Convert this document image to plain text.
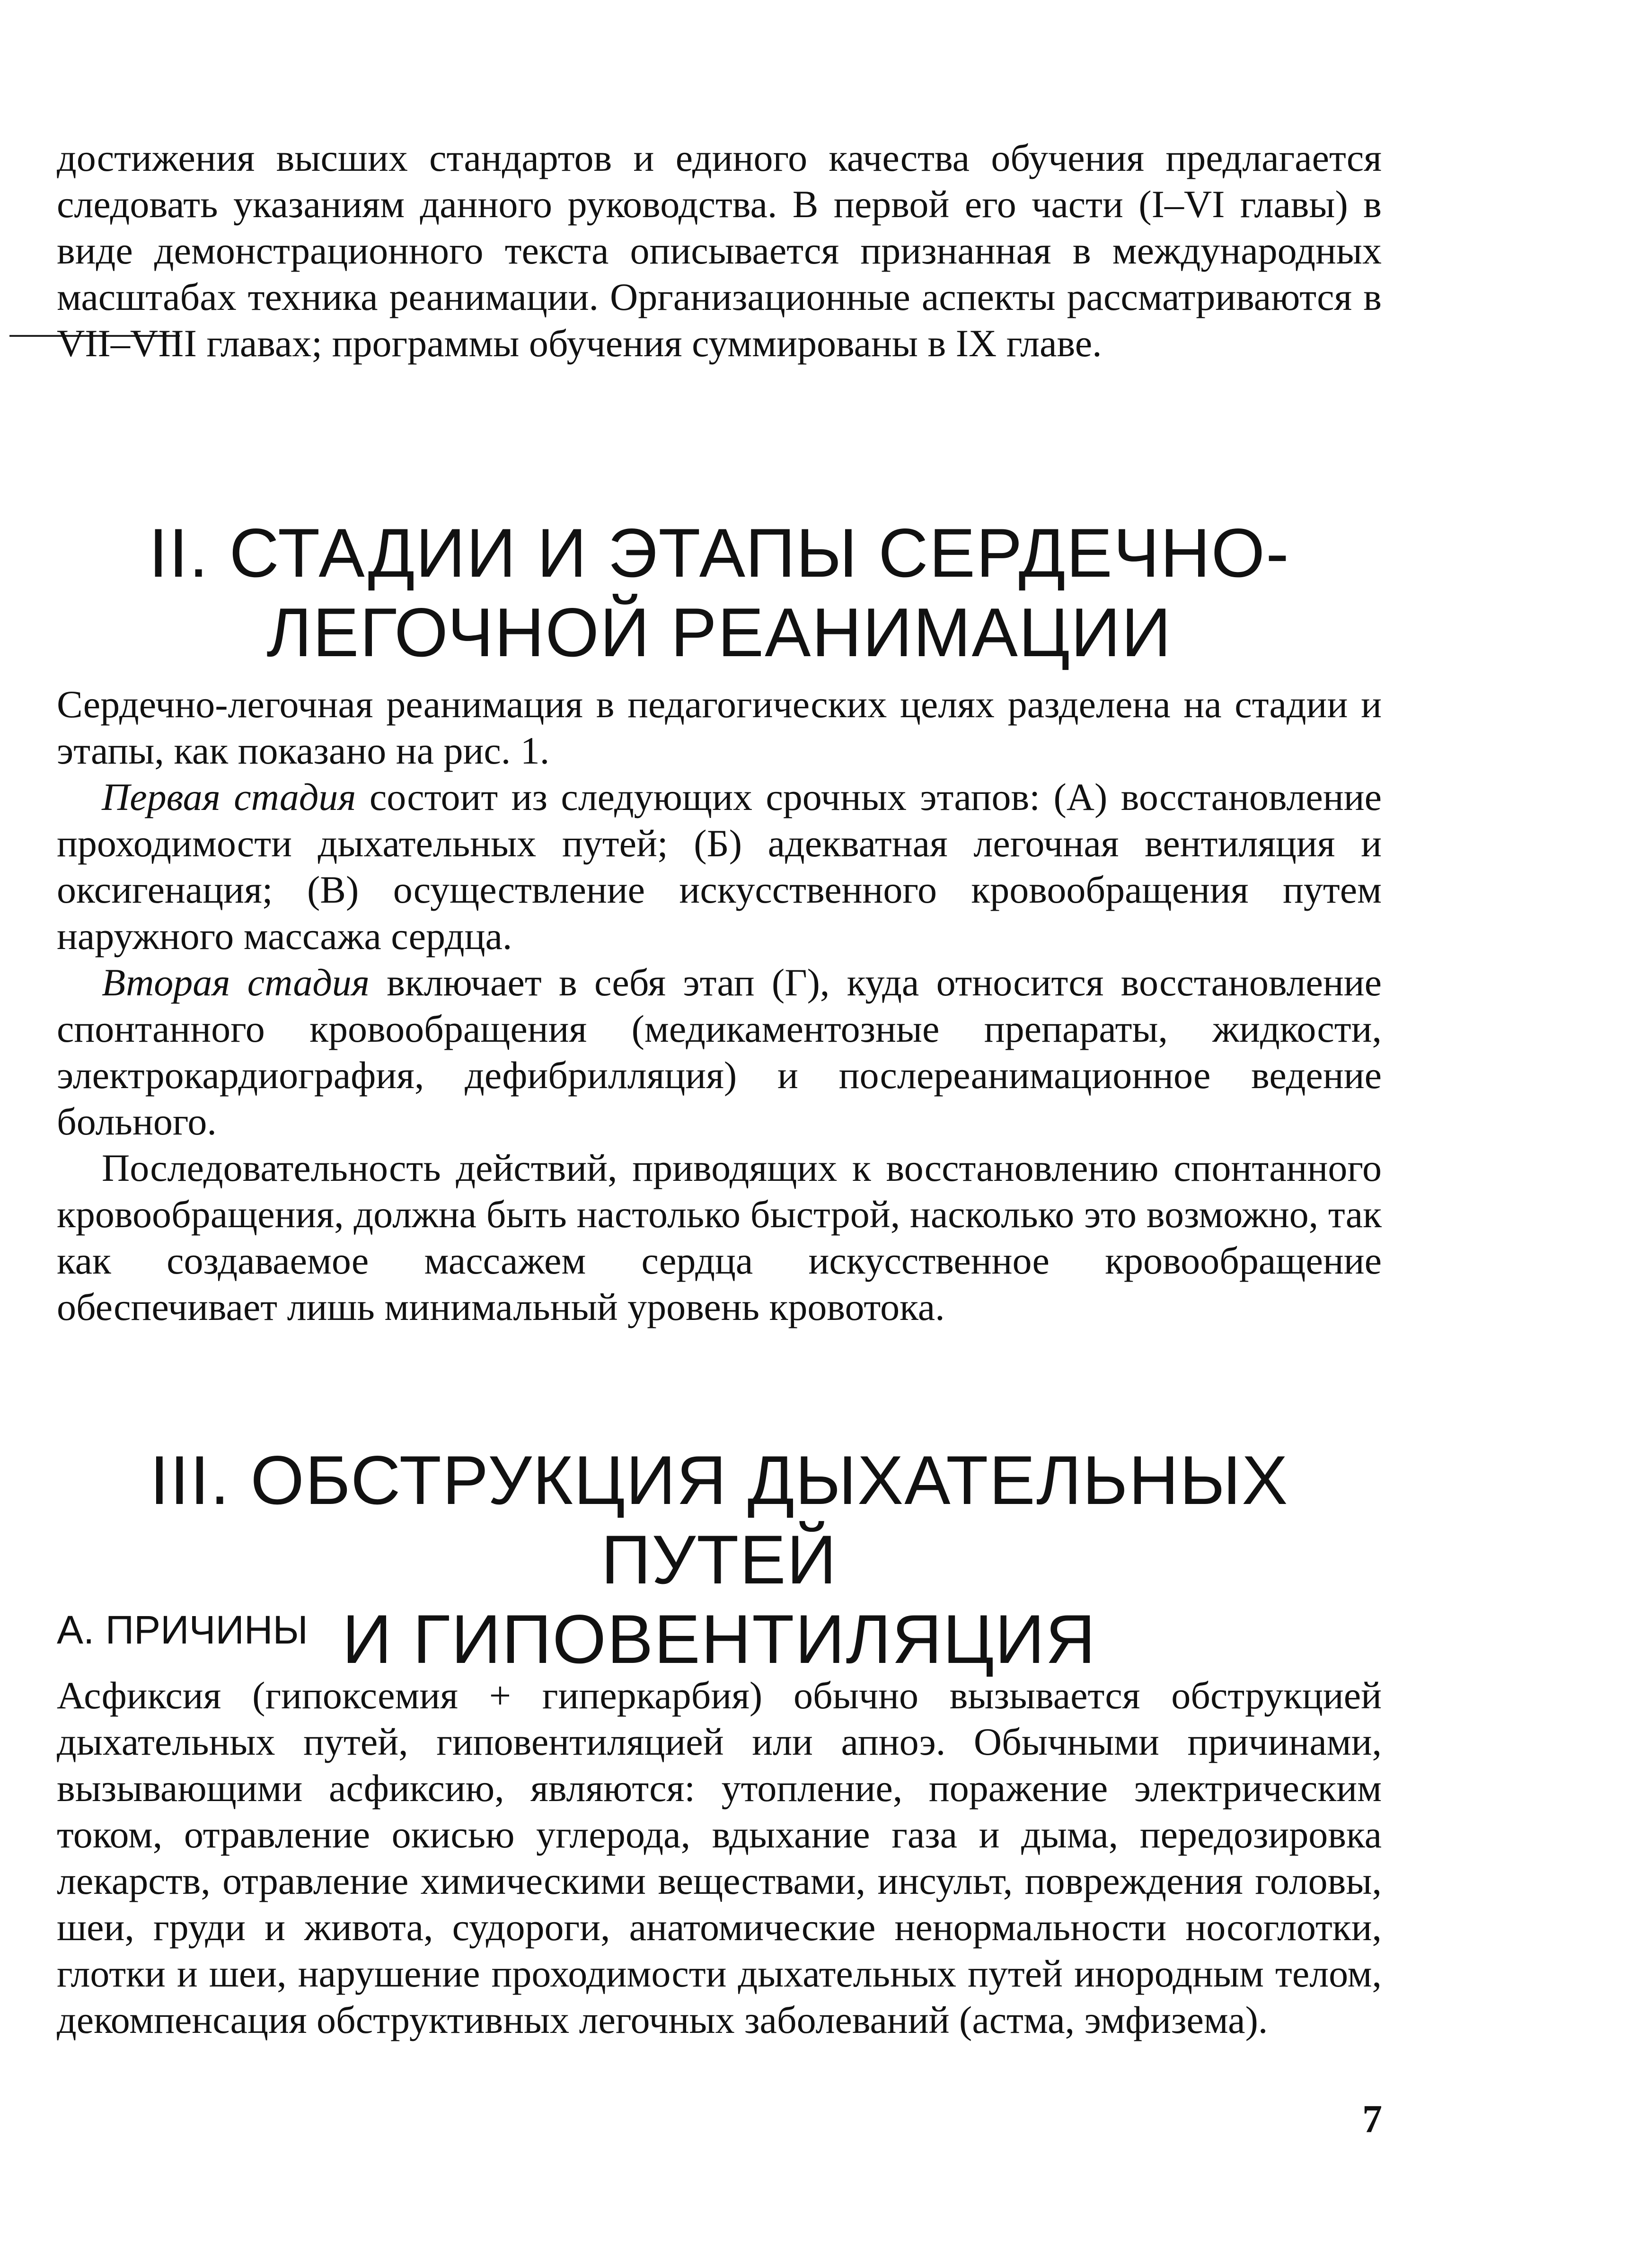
достижения высших стандартов и единого качества обучения предлагается следовать указаниям данного руководства. В первой его части (I–VI главы) в виде демонстрационного текста описывается признанная в международных масштабах техника реанимации. Организационные аспекты рассматриваются в VII–VIII главах; программы обучения суммированы в IX главе.

II. СТАДИИ И ЭТАПЫ СЕРДЕЧНО-
ЛЕГОЧНОЙ РЕАНИМАЦИИ

Сердечно-легочная реанимация в педагогических целях разделена на стадии и этапы, как показано на рис. 1.

Первая стадия состоит из следующих срочных этапов: (А) восстановление проходимости дыхательных путей; (Б) адекватная легочная вентиляция и оксигенация; (В) осуществление искусственного кровообращения путем наружного массажа сердца.

Вторая стадия включает в себя этап (Г), куда относится восстановление спонтанного кровообращения (медикаментозные препараты, жидкости, электрокардиография, дефибрилляция) и послереанимационное ведение больного.

Последовательность действий, приводящих к восстановлению спонтанного кровообращения, должна быть настолько быстрой, насколько это возможно, так как создаваемое массажем сердца искусственное кровообращение обеспечивает лишь минимальный уровень кровотока.

III. ОБСТРУКЦИЯ ДЫХАТЕЛЬНЫХ ПУТЕЙ
И ГИПОВЕНТИЛЯЦИЯ
А. ПРИЧИНЫ

Асфиксия (гипоксемия + гиперкарбия) обычно вызывается обструкцией дыхательных путей, гиповентиляцией или апноэ. Обычными причинами, вызывающими асфиксию, являются: утопление, поражение электрическим током, отравление окисью углерода, вдыхание газа и дыма, передозировка лекарств, отравление химическими веществами, инсульт, повреждения головы, шеи, груди и живота, судороги, анатомические ненормальности носоглотки, глотки и шеи, нарушение проходимости дыхательных путей инородным телом, декомпенсация обструктивных легочных заболеваний (астма, эмфизема).

7
